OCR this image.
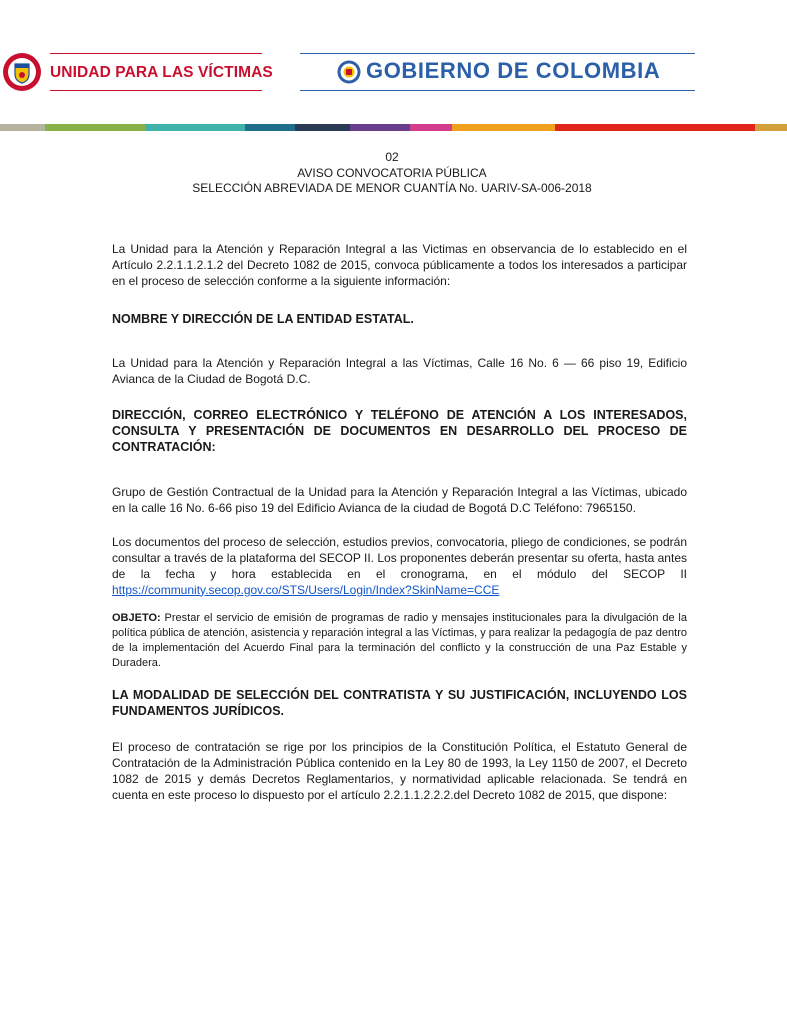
UNIDAD PARA LAS VÍCTIMAS	GOBIERNO DE COLOMBIA
02
AVISO CONVOCATORIA PÚBLICA
SELECCIÓN ABREVIADA DE MENOR CUANTÍA No. UARIV-SA-006-2018

La Unidad para la Atención y Reparación Integral a las Victimas en observancia de lo establecido en el Artículo 2.2.1.1.2.1.2 del Decreto 1082 de 2015, convoca públicamente a todos los interesados a participar en el proceso de selección conforme a la siguiente información:

NOMBRE Y DIRECCIÓN DE LA ENTIDAD ESTATAL.

La Unidad para la Atención y Reparación Integral a las Víctimas, Calle 16 No. 6 — 66 piso 19, Edificio Avianca de la Ciudad de Bogotá D.C.

DIRECCIÓN, CORREO ELECTRÓNICO Y TELÉFONO DE ATENCIÓN A LOS INTERESADOS, CONSULTA Y PRESENTACIÓN DE DOCUMENTOS EN DESARROLLO DEL PROCESO DE CONTRATACIÓN:

Grupo de Gestión Contractual de la Unidad para la Atención y Reparación Integral a las Víctimas, ubicado en la calle 16 No. 6-66 piso 19 del Edificio Avianca de la ciudad de Bogotá D.C Teléfono: 7965150.

Los documentos del proceso de selección, estudios previos, convocatoria, pliego de condiciones, se podrán consultar a través de la plataforma del SECOP II. Los proponentes deberán presentar su oferta, hasta antes de la fecha y hora establecida en el cronograma, en el módulo del SECOP II https://community.secop.gov.co/STS/Users/Login/Index?SkinName=CCE

OBJETO: Prestar el servicio de emisión de programas de radio y mensajes institucionales para la divulgación de la política pública de atención, asistencia y reparación integral a las Víctimas, y para realizar la pedagogía de paz dentro de la implementación del Acuerdo Final para la terminación del conflicto y la construcción de una Paz Estable y Duradera.

LA MODALIDAD DE SELECCIÓN DEL CONTRATISTA Y SU JUSTIFICACIÓN, INCLUYENDO LOS FUNDAMENTOS JURÍDICOS.

El proceso de contratación se rige por los principios de la Constitución Política, el Estatuto General de Contratación de la Administración Pública contenido en la Ley 80 de 1993, la Ley 1150 de 2007, el Decreto 1082 de 2015 y demás Decretos Reglamentarios, y normatividad aplicable relacionada. Se tendrá en cuenta en este proceso lo dispuesto por el artículo 2.2.1.1.2.2.2.del Decreto 1082 de 2015, que dispone:
